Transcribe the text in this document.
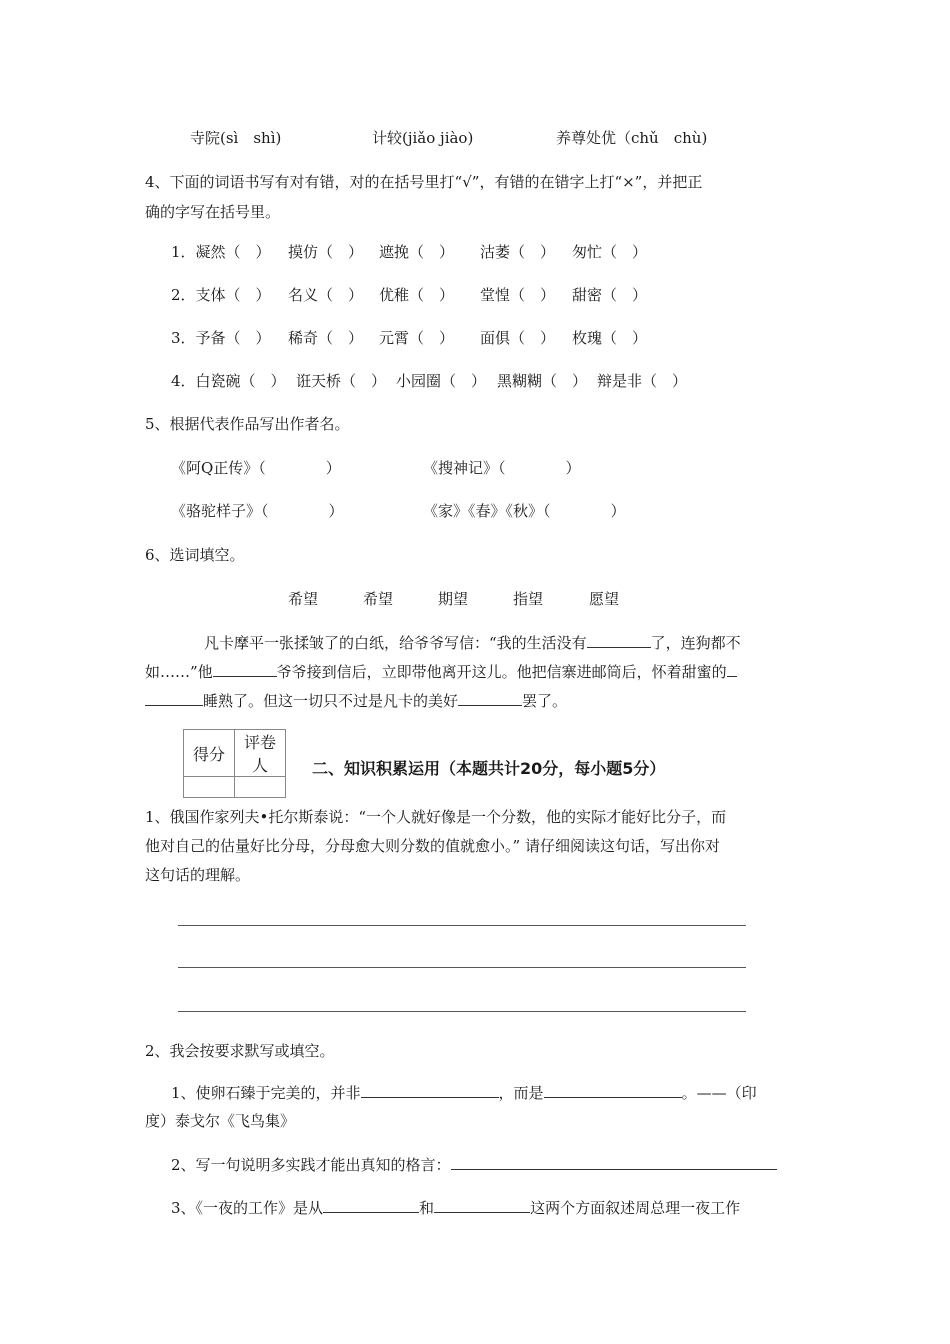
寺院(sì　shì)	计较(jiǎo jiào)	养尊处优（chǔ　chù)
4、下面的词语书写有对有错，对的在括号里打“√”，有错的在错字上打“×”，并把正
确的字写在括号里。
1．凝然（　） 摸仿（　） 遮挽（　） 沽萎（　） 匆忙（　）
2．支体（　） 名义（　） 优稚（　） 堂惶（　） 甜密（　）
3．予备（　） 稀奇（　） 元霄（　） 面俱（　） 枚瑰（　）
4．白瓷碗（　） 诳天桥（　） 小园圈（　） 黑糊糊（　） 辩是非（　）
5、根据代表作品写出作者名。
《阿Q正传》（　　　　）	《搜神记》（　　　　）
《骆驼样子》（　　　　）	《家》《春》《秋》（　　　　）
6、选词填空。
希望	希望	期望	指望	愿望
凡卡摩平一张揉皱了的白纸，给爷爷写信：“我的生活没有	了，连狗都不
如……”他	爷爷接到信后，立即带他离开这儿。他把信寨进邮筒后，怀着甜蜜的
睡熟了。但这一切只不过是凡卡的美好	罢了。
得分	评卷人
		二、知识积累运用（本题共计20分，每小题5分）
1、俄国作家列夫•托尔斯泰说：“一个人就好像是一个分数，他的实际才能好比分子，而
他对自己的估量好比分母，分母愈大则分数的值就愈小。” 请仔细阅读这句话，写出你对
这句话的理解。
2、我会按要求默写或填空。
1、使卵石臻于完美的，并非	，而是	。——（印
度）泰戈尔《飞鸟集》
2、写一句说明多实践才能出真知的格言：
3、《一夜的工作》是从	和	这两个方面叙述周总理一夜工作
